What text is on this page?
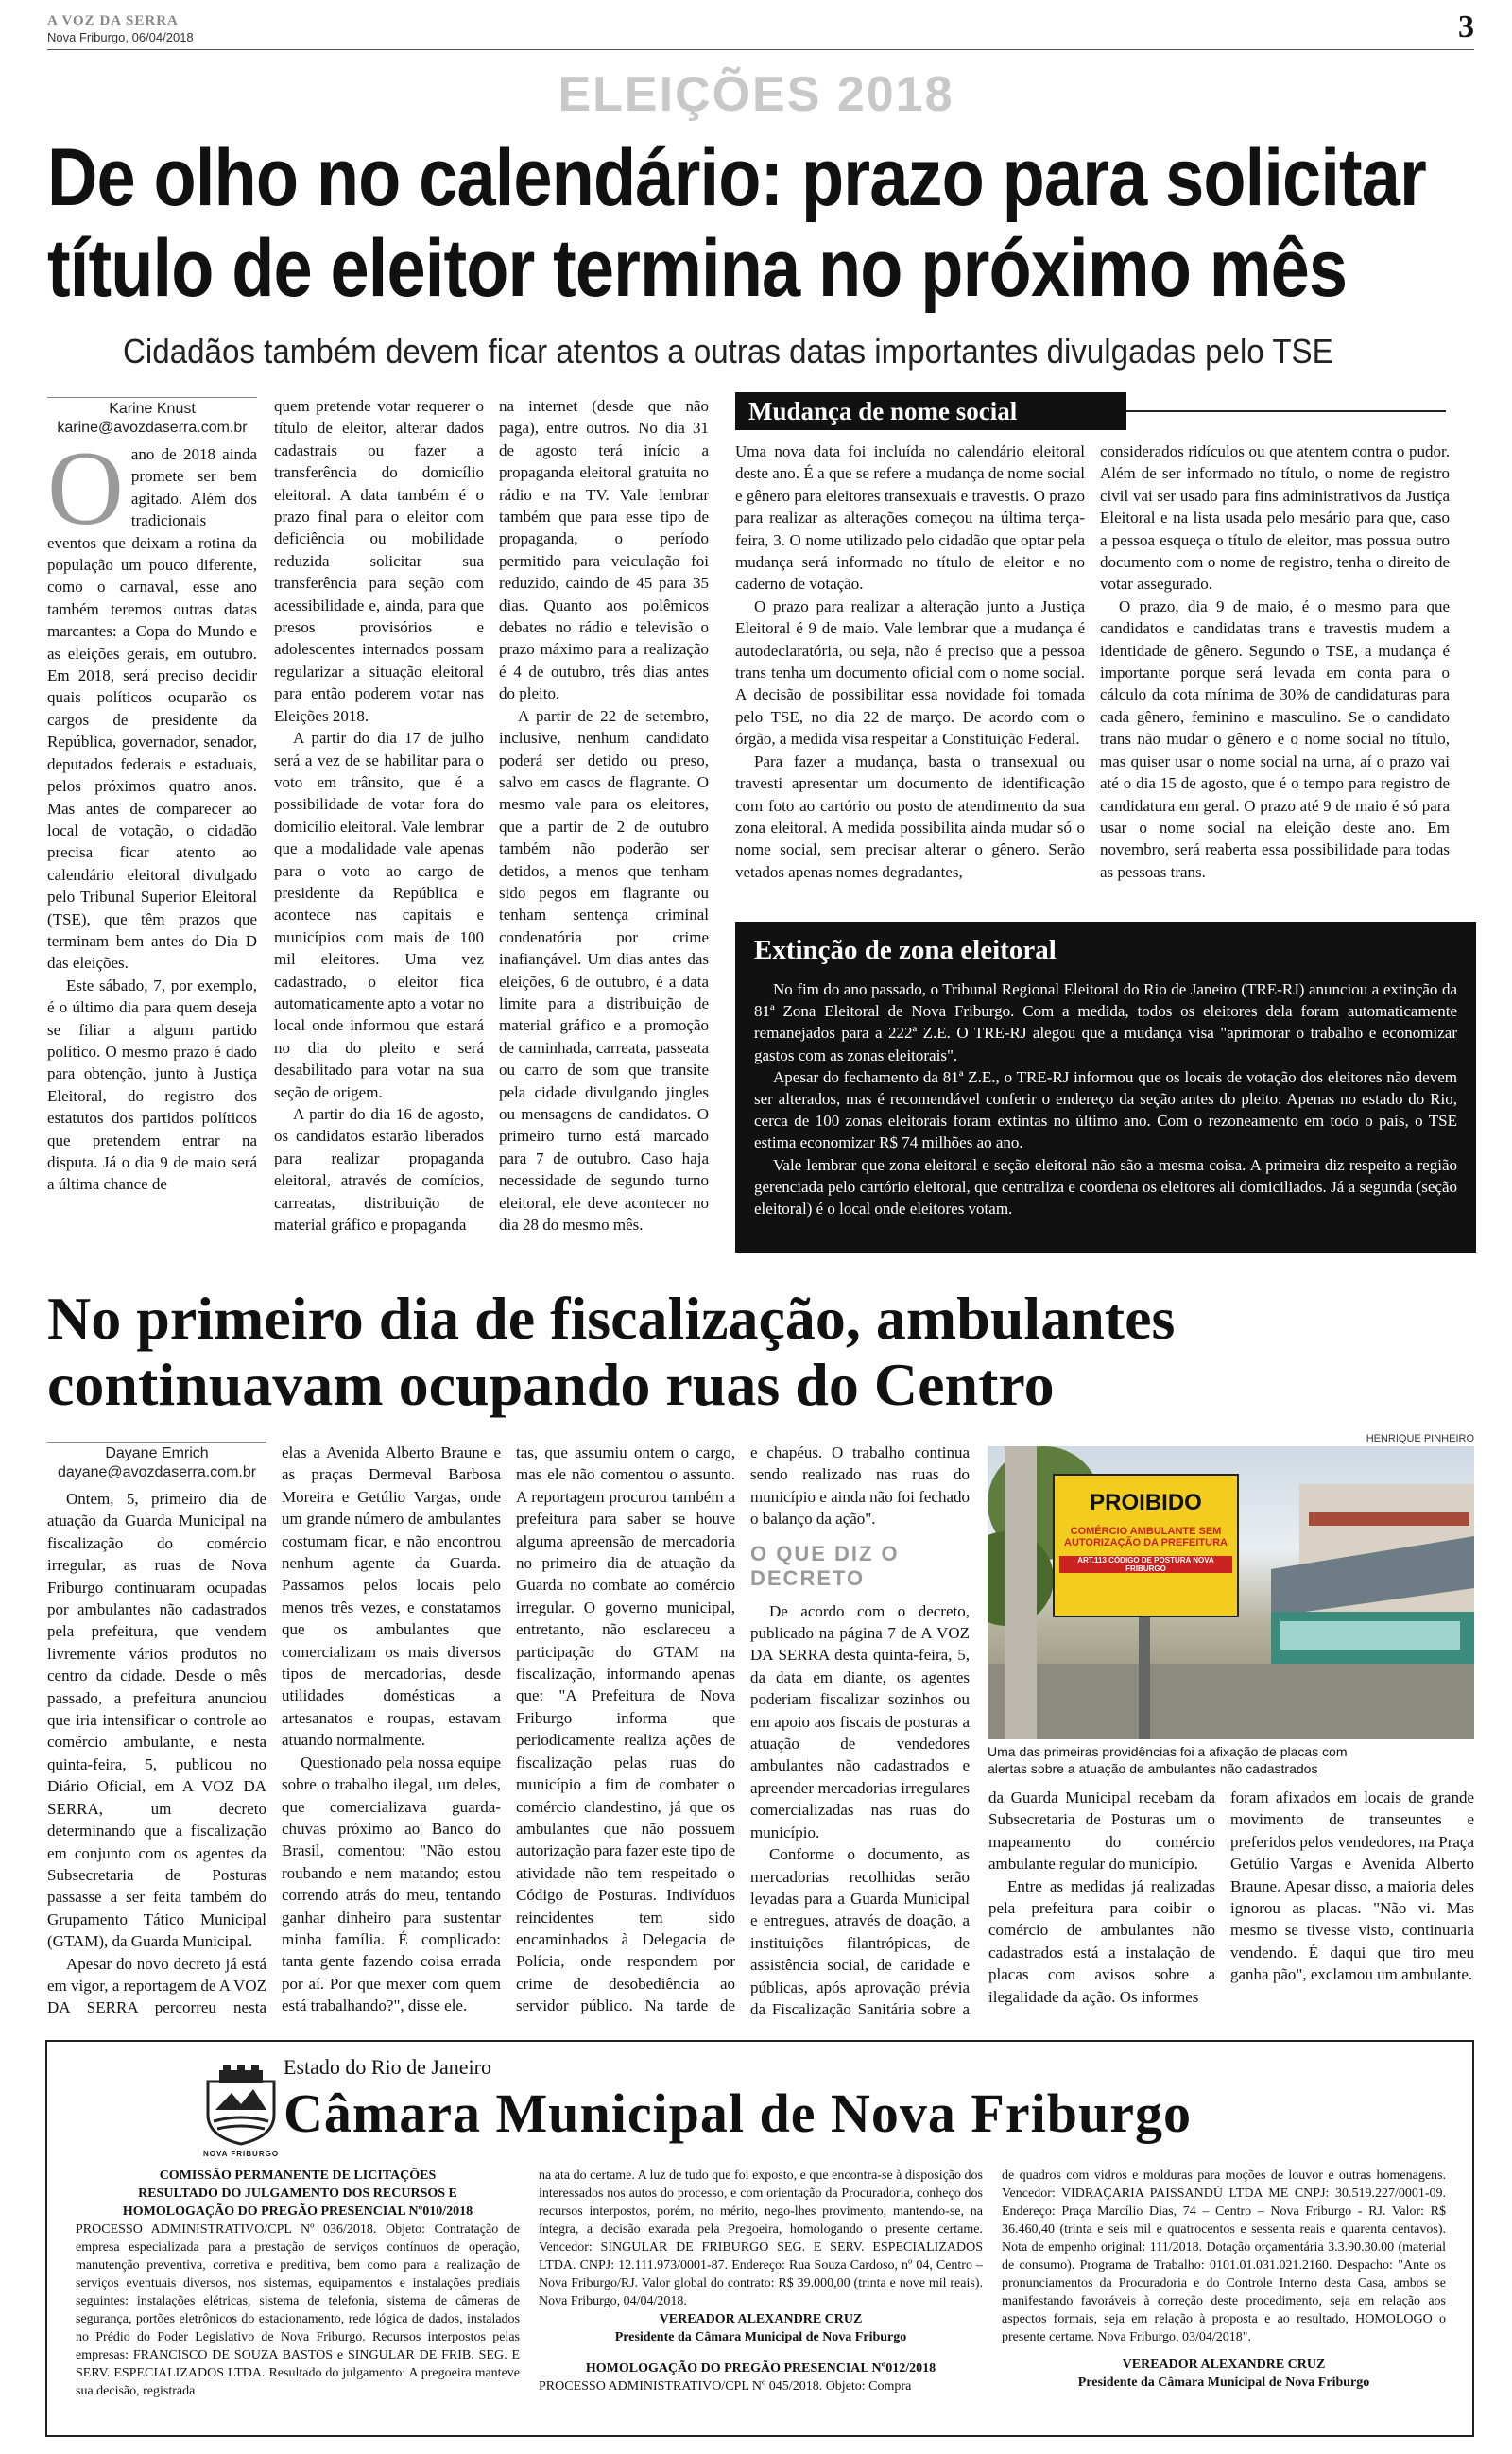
A VOZ DA SERRA
Nova Friburgo, 06/04/2018	3
ELEIÇÕES 2018
De olho no calendário: prazo para solicitar
título de eleitor termina no próximo mês
Cidadãos também devem ficar atentos a outras datas importantes divulgadas pelo TSE
Karine Knust
karine@avozdaserra.com.br

Oano de 2018 ainda promete ser bem agitado. Além dos tradicionais eventos que deixam a rotina da população um pouco diferente, como o carnaval, esse ano também teremos outras datas marcantes: a Copa do Mundo e as eleições gerais, em outubro. Em 2018, será preciso decidir quais políticos ocuparão os cargos de presidente da República, governador, senador, deputados federais e estaduais, pelos próximos quatro anos. Mas antes de comparecer ao local de votação, o cidadão precisa ficar atento ao calendário eleitoral divulgado pelo Tribunal Superior Eleitoral (TSE), que têm prazos que terminam bem antes do Dia D das eleições.

Este sábado, 7, por exemplo, é o último dia para quem deseja se filiar a algum partido político. O mesmo prazo é dado para obtenção, junto à Justiça Eleitoral, do registro dos estatutos dos partidos políticos que pretendem entrar na disputa. Já o dia 9 de maio será a última chance de

quem pretende votar requerer o título de eleitor, alterar dados cadastrais ou fazer a transferência do domicílio eleitoral. A data também é o prazo final para o eleitor com deficiência ou mobilidade reduzida solicitar sua transferência para seção com acessibilidade e, ainda, para que presos provisórios e adolescentes internados possam regularizar a situação eleitoral para então poderem votar nas Eleições 2018.

A partir do dia 17 de julho será a vez de se habilitar para o voto em trânsito, que é a possibilidade de votar fora do domicílio eleitoral. Vale lembrar que a modalidade vale apenas para o voto ao cargo de presidente da República e acontece nas capitais e municípios com mais de 100 mil eleitores. Uma vez cadastrado, o eleitor fica automaticamente apto a votar no local onde informou que estará no dia do pleito e será desabilitado para votar na sua seção de origem.

A partir do dia 16 de agosto, os candidatos estarão liberados para realizar propaganda eleitoral, através de comícios, carreatas, distribuição de material gráfico e propaganda

na internet (desde que não paga), entre outros. No dia 31 de agosto terá início a propaganda eleitoral gratuita no rádio e na TV. Vale lembrar também que para esse tipo de propaganda, o período permitido para veiculação foi reduzido, caindo de 45 para 35 dias. Quanto aos polêmicos debates no rádio e televisão o prazo máximo para a realização é 4 de outubro, três dias antes do pleito.

A partir de 22 de setembro, inclusive, nenhum candidato poderá ser detido ou preso, salvo em casos de flagrante. O mesmo vale para os eleitores, que a partir de 2 de outubro também não poderão ser detidos, a menos que tenham sido pegos em flagrante ou tenham sentença criminal condenatória por crime inafiançável. Um dias antes das eleições, 6 de outubro, é a data limite para a distribuição de material gráfico e a promoção de caminhada, carreata, passeata ou carro de som que transite pela cidade divulgando jingles ou mensagens de candidatos. O primeiro turno está marcado para 7 de outubro. Caso haja necessidade de segundo turno eleitoral, ele deve acontecer no dia 28 do mesmo mês.

Mudança de nome social

Uma nova data foi incluída no calendário eleitoral deste ano. É a que se refere a mudança de nome social e gênero para eleitores transexuais e travestis. O prazo para realizar as alterações começou na última terça-feira, 3. O nome utilizado pelo cidadão que optar pela mudança será informado no título de eleitor e no caderno de votação.

O prazo para realizar a alteração junto a Justiça Eleitoral é 9 de maio. Vale lembrar que a mudança é autodeclaratória, ou seja, não é preciso que a pessoa trans tenha um documento oficial com o nome social. A decisão de possibilitar essa novidade foi tomada pelo TSE, no dia 22 de março. De acordo com o órgão, a medida visa respeitar a Constituição Federal.

Para fazer a mudança, basta o transexual ou travesti apresentar um documento de identificação com foto ao cartório ou posto de atendimento da sua zona eleitoral. A medida possibilita ainda mudar só o nome social, sem precisar alterar o gênero. Serão vetados apenas nomes degradantes,

considerados ridículos ou que atentem contra o pudor. Além de ser informado no título, o nome de registro civil vai ser usado para fins administrativos da Justiça Eleitoral e na lista usada pelo mesário para que, caso a pessoa esqueça o título de eleitor, mas possua outro documento com o nome de registro, tenha o direito de votar assegurado.

O prazo, dia 9 de maio, é o mesmo para que candidatos e candidatas trans e travestis mudem a identidade de gênero. Segundo o TSE, a mudança é importante porque será levada em conta para o cálculo da cota mínima de 30% de candidaturas para cada gênero, feminino e masculino. Se o candidato trans não mudar o gênero e o nome social no título, mas quiser usar o nome social na urna, aí o prazo vai até o dia 15 de agosto, que é o tempo para registro de candidatura em geral. O prazo até 9 de maio é só para usar o nome social na eleição deste ano. Em novembro, será reaberta essa possibilidade para todas as pessoas trans.

Extinção de zona eleitoral

No fim do ano passado, o Tribunal Regional Eleitoral do Rio de Janeiro (TRE-RJ) anunciou a extinção da 81ª Zona Eleitoral de Nova Friburgo. Com a medida, todos os eleitores dela foram automaticamente remanejados para a 222ª Z.E. O TRE-RJ alegou que a mudança visa "aprimorar o trabalho e economizar gastos com as zonas eleitorais".

Apesar do fechamento da 81ª Z.E., o TRE-RJ informou que os locais de votação dos eleitores não devem ser alterados, mas é recomendável conferir o endereço da seção antes do pleito. Apenas no estado do Rio, cerca de 100 zonas eleitorais foram extintas no último ano. Com o rezoneamento em todo o país, o TSE estima economizar R$ 74 milhões ao ano.

Vale lembrar que zona eleitoral e seção eleitoral não são a mesma coisa. A primeira diz respeito a região gerenciada pelo cartório eleitoral, que centraliza e coordena os eleitores ali domiciliados. Já a segunda (seção eleitoral) é o local onde eleitores votam.

No primeiro dia de fiscalização, ambulantes
continuavam ocupando ruas do Centro
Dayane Emrich
dayane@avozdaserra.com.br

Ontem, 5, primeiro dia de atuação da Guarda Municipal na fiscalização do comércio irregular, as ruas de Nova Friburgo continuaram ocupadas por ambulantes não cadastrados pela prefeitura, que vendem livremente vários produtos no centro da cidade. Desde o mês passado, a prefeitura anunciou que iria intensificar o controle ao comércio ambulante, e nesta quinta-feira, 5, publicou no Diário Oficial, em A VOZ DA SERRA, um decreto determinando que a fiscalização em conjunto com os agentes da Subsecretaria de Posturas passasse a ser feita também do Grupamento Tático Municipal (GTAM), da Guarda Municipal.

Apesar do novo decreto já está em vigor, a reportagem de A VOZ DA SERRA percorreu nesta

elas a Avenida Alberto Braune e as praças Dermeval Barbosa Moreira e Getúlio Vargas, onde um grande número de ambulantes costumam ficar, e não encontrou nenhum agente da Guarda. Passamos pelos locais pelo menos três vezes, e constatamos que os ambulantes que comercializam os mais diversos tipos de mercadorias, desde utilidades domésticas a artesanatos e roupas, estavam atuando normalmente.

Questionado pela nossa equipe sobre o trabalho ilegal, um deles, que comercializava guarda-chuvas próximo ao Banco do Brasil, comentou: "Não estou roubando e nem matando; estou correndo atrás do meu, tentando ganhar dinheiro para sustentar minha família. É complicado: tanta gente fazendo coisa errada por aí. Por que mexer com quem está trabalhando?", disse ele.

tas, que assumiu ontem o cargo, mas ele não comentou o assunto. A reportagem procurou também a prefeitura para saber se houve alguma apreensão de mercadoria no primeiro dia de atuação da Guarda no combate ao comércio irregular. O governo municipal, entretanto, não esclareceu a participação do GTAM na fiscalização, informando apenas que: "A Prefeitura de Nova Friburgo informa que periodicamente realiza ações de fiscalização pelas ruas do município a fim de combater o comércio clandestino, já que os ambulantes que não possuem autorização para fazer este tipo de atividade não tem respeitado o Código de Posturas. Indivíduos reincidentes tem sido encaminhados à Delegacia de Polícia, onde respondem por crime de desobediência ao servidor público. Na tarde de

e chapéus. O trabalho continua sendo realizado nas ruas do município e ainda não foi fechado o balanço da ação".

O QUE DIZ O
DECRETO

De acordo com o decreto, publicado na página 7 de A VOZ DA SERRA desta quinta-feira, 5, da data em diante, os agentes poderiam fiscalizar sozinhos ou em apoio aos fiscais de posturas a atuação de vendedores ambulantes não cadastrados e apreender mercadorias irregulares comercializadas nas ruas do município.

Conforme o documento, as mercadorias recolhidas serão levadas para a Guarda Municipal e entregues, através de doação, a instituições filantrópicas, de assistência social, de caridade e públicas, após aprovação prévia da Fiscalização Sanitária sobre a

HENRIQUE PINHEIRO
PROIBIDO
COMÉRCIO AMBULANTE SEM
AUTORIZAÇÃO DA PREFEITURA
ART.113 CÓDIGO DE POSTURA NOVA FRIBURGO
Uma das primeiras providências foi a afixação de placas com alertas sobre a atuação de ambulantes não cadastrados

da Guarda Municipal recebam da Subsecretaria de Posturas um o mapeamento do comércio ambulante regular do município.

Entre as medidas já realizadas pela prefeitura para coibir o comércio de ambulantes não cadastrados está a instalação de placas com avisos sobre a ilegalidade da ação. Os informes

foram afixados em locais de grande movimento de transeuntes e preferidos pelos vendedores, na Praça Getúlio Vargas e Avenida Alberto Braune. Apesar disso, a maioria deles ignorou as placas. "Não vi. Mas mesmo se tivesse visto, continuaria vendendo. É daqui que tiro meu ganha pão", exclamou um ambulante.

NOVA FRIBURGO
Estado do Rio de Janeiro
Câmara Municipal de Nova Friburgo

COMISSÃO PERMANENTE DE LICITAÇÕES

RESULTADO DO JULGAMENTO DOS RECURSOS E

HOMOLOGAÇÃO DO PREGÃO PRESENCIAL Nº010/2018

PROCESSO ADMINISTRATIVO/CPL Nº 036/2018. Objeto: Contratação de empresa especializada para a prestação de serviços contínuos de operação, manutenção preventiva, corretiva e preditiva, bem como para a realização de serviços eventuais diversos, nos sistemas, equipamentos e instalações prediais seguintes: instalações elétricas, sistema de telefonia, sistema de câmeras de segurança, portões eletrônicos do estacionamento, rede lógica de dados, instalados no Prédio do Poder Legislativo de Nova Friburgo. Recursos interpostos pelas empresas: FRANCISCO DE SOUZA BASTOS e SINGULAR DE FRIB. SEG. E SERV. ESPECIALIZADOS LTDA. Resultado do julgamento: A pregoeira manteve sua decisão, registrada

na ata do certame. A luz de tudo que foi exposto, e que encontra-se à disposição dos interessados nos autos do processo, e com orientação da Procuradoria, conheço dos recursos interpostos, porém, no mérito, nego-lhes provimento, mantendo-se, na íntegra, a decisão exarada pela Pregoeira, homologando o presente certame. Vencedor: SINGULAR DE FRIBURGO SEG. E SERV. ESPECIALIZADOS LTDA. CNPJ: 12.111.973/0001-87. Endereço: Rua Souza Cardoso, nº 04, Centro – Nova Friburgo/RJ. Valor global do contrato: R$ 39.000,00 (trinta e nove mil reais). Nova Friburgo, 04/04/2018.

VEREADOR ALEXANDRE CRUZ

Presidente da Câmara Municipal de Nova Friburgo

HOMOLOGAÇÃO DO PREGÃO PRESENCIAL Nº012/2018

PROCESSO ADMINISTRATIVO/CPL Nº 045/2018. Objeto: Compra

de quadros com vidros e molduras para moções de louvor e outras homenagens. Vencedor: VIDRAÇARIA PAISSANDÚ LTDA ME CNPJ: 30.519.227/0001-09. Endereço: Praça Marcílio Dias, 74 – Centro – Nova Friburgo - RJ. Valor: R$ 36.460,40 (trinta e seis mil e quatrocentos e sessenta reais e quarenta centavos). Nota de empenho original: 111/2018. Dotação orçamentária 3.3.90.30.00 (material de consumo). Programa de Trabalho: 0101.01.031.021.2160. Despacho: "Ante os pronunciamentos da Procuradoria e do Controle Interno desta Casa, ambos se manifestando favoráveis à correção deste procedimento, seja em relação aos aspectos formais, seja em relação à proposta e ao resultado, HOMOLOGO o presente certame. Nova Friburgo, 03/04/2018".

VEREADOR ALEXANDRE CRUZ

Presidente da Câmara Municipal de Nova Friburgo
